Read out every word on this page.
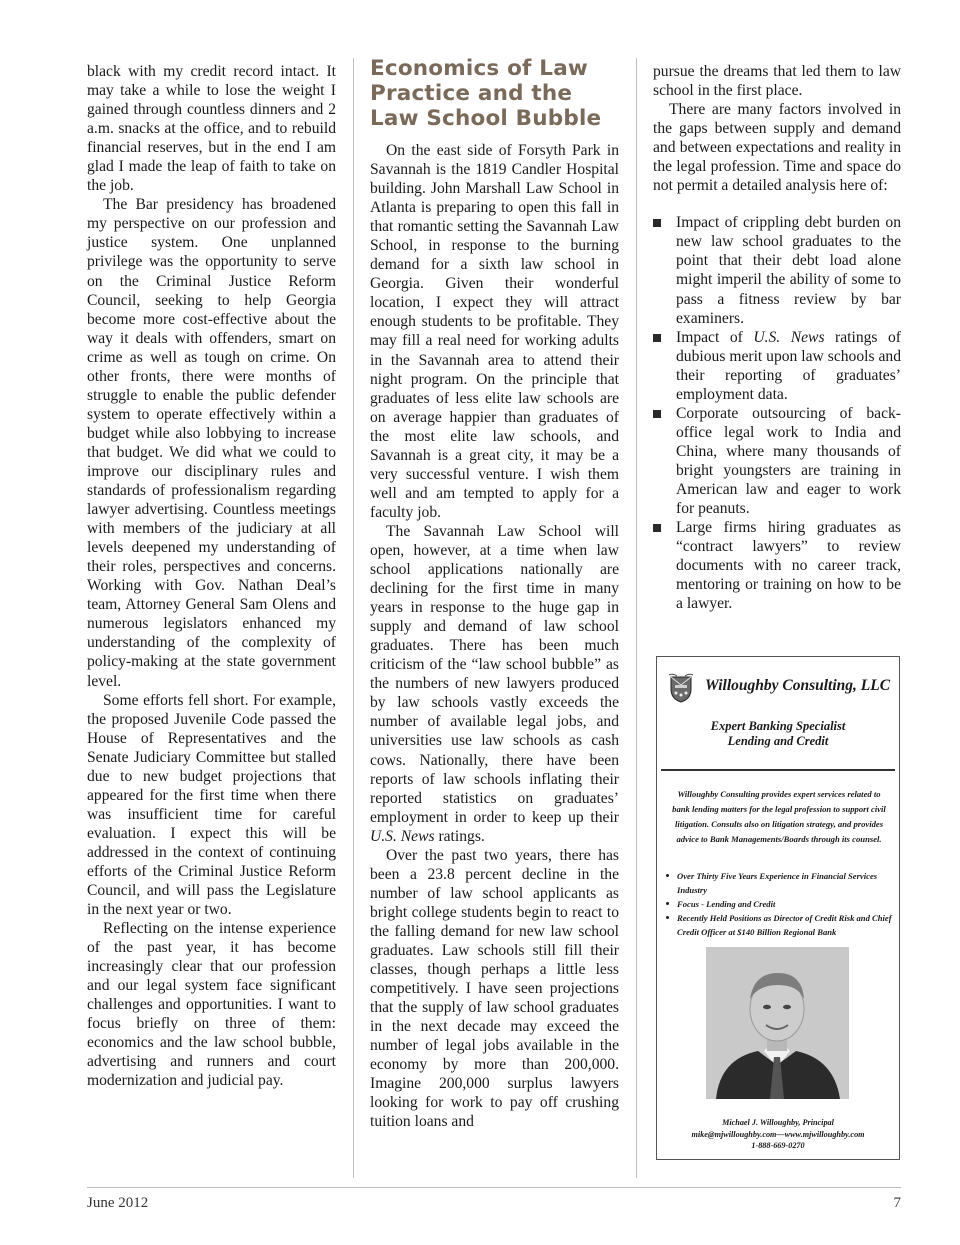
black with my credit record intact. It may take a while to lose the weight I gained through countless dinners and 2 a.m. snacks at the office, and to rebuild financial reserves, but in the end I am glad I made the leap of faith to take on the job.

The Bar presidency has broadened my perspective on our profession and justice system. One unplanned privilege was the opportunity to serve on the Criminal Justice Reform Council, seeking to help Georgia become more cost-effective about the way it deals with offenders, smart on crime as well as tough on crime. On other fronts, there were months of struggle to enable the public defender system to operate effectively within a budget while also lobbying to increase that budget. We did what we could to improve our disciplinary rules and standards of professionalism regarding lawyer advertising. Countless meetings with members of the judiciary at all levels deepened my understanding of their roles, perspectives and concerns. Working with Gov. Nathan Deal’s team, Attorney General Sam Olens and numerous legislators enhanced my understanding of the complexity of policy-making at the state government level.

Some efforts fell short. For example, the proposed Juvenile Code passed the House of Representatives and the Senate Judiciary Committee but stalled due to new budget projections that appeared for the first time when there was insufficient time for careful evaluation. I expect this will be addressed in the context of continuing efforts of the Criminal Justice Reform Council, and will pass the Legislature in the next year or two.

Reflecting on the intense experience of the past year, it has become increasingly clear that our profession and our legal system face significant challenges and opportunities. I want to focus briefly on three of them: economics and the law school bubble, advertising and runners and court modernization and judicial pay.

Economics of Law Practice and the Law School Bubble

On the east side of Forsyth Park in Savannah is the 1819 Candler Hospital building. John Marshall Law School in Atlanta is preparing to open this fall in that romantic setting the Savannah Law School, in response to the burning demand for a sixth law school in Georgia. Given their wonderful location, I expect they will attract enough students to be profitable. They may fill a real need for working adults in the Savannah area to attend their night program. On the principle that graduates of less elite law schools are on average happier than graduates of the most elite law schools, and Savannah is a great city, it may be a very successful venture. I wish them well and am tempted to apply for a faculty job.

The Savannah Law School will open, however, at a time when law school applications nationally are declining for the first time in many years in response to the huge gap in supply and demand of law school graduates. There has been much criticism of the “law school bubble” as the numbers of new lawyers produced by law schools vastly exceeds the number of available legal jobs, and universities use law schools as cash cows. Nationally, there have been reports of law schools inflating their reported statistics on graduates’ employment in order to keep up their U.S. News ratings.

Over the past two years, there has been a 23.8 percent decline in the number of law school applicants as bright college students begin to react to the falling demand for new law school graduates. Law schools still fill their classes, though perhaps a little less competitively. I have seen projections that the supply of law school graduates in the next decade may exceed the number of legal jobs available in the economy by more than 200,000. Imagine 200,000 surplus lawyers looking for work to pay off crushing tuition loans and

pursue the dreams that led them to law school in the first place.

There are many factors involved in the gaps between supply and demand and between expectations and reality in the legal profession. Time and space do not permit a detailed analysis here of:

Impact of crippling debt burden on new law school graduates to the point that their debt load alone might imperil the ability of some to pass a fitness review by bar examiners.
Impact of U.S. News ratings of dubious merit upon law schools and their reporting of graduates’ employment data.
Corporate outsourcing of back-office legal work to India and China, where many thousands of bright youngsters are training in American law and eager to work for peanuts.
Large firms hiring graduates as “contract lawyers” to review documents with no career track, mentoring or training on how to be a lawyer.
Willoughby Consulting, LLC
Expert Banking Specialist
Lending and Credit
Willoughby Consulting provides expert services related to bank lending matters for the legal profession to support civil litigation. Consults also on litigation strategy, and provides advice to Bank Managements/Boards through its counsel.
Over Thirty Five Years Experience in Financial Services Industry
Focus - Lending and Credit
Recently Held Positions as Director of Credit Risk and Chief Credit Officer at $140 Billion Regional Bank
Michael J. Willoughby, Principal
mike@mjwilloughby.com—www.mjwilloughby.com
1-888-669-0270
June 2012	7
